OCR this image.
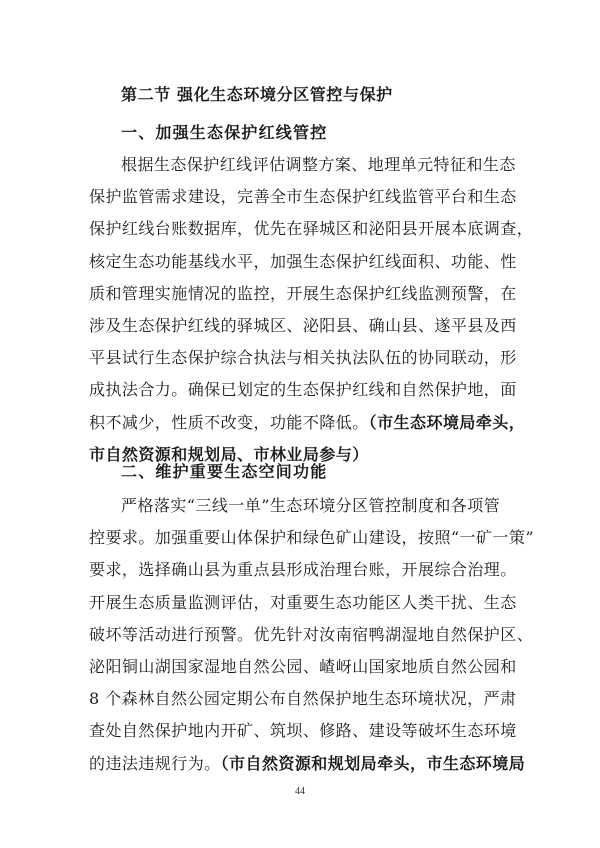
第二节 强化生态环境分区管控与保护
一、加强生态保护红线管控
根据生态保护红线评估调整方案、地理单元特征和生态
保护监管需求建设，完善全市生态保护红线监管平台和生态
保护红线台账数据库，优先在驿城区和泌阳县开展本底调查，
核定生态功能基线水平，加强生态保护红线面积、功能、性
质和管理实施情况的监控，开展生态保护红线监测预警，在
涉及生态保护红线的驿城区、泌阳县、确山县、遂平县及西
平县试行生态保护综合执法与相关执法队伍的协同联动，形
成执法合力。确保已划定的生态保护红线和自然保护地，面
积不减少，性质不改变，功能不降低。（市生态环境局牵头，
市自然资源和规划局、市林业局参与）
二、维护重要生态空间功能
严格落实“三线一单”生态环境分区管控制度和各项管
控要求。加强重要山体保护和绿色矿山建设，按照“一矿一策”
要求，选择确山县为重点县形成治理台账，开展综合治理。
开展生态质量监测评估，对重要生态功能区人类干扰、生态
破坏等活动进行预警。优先针对汝南宿鸭湖湿地自然保护区、
泌阳铜山湖国家湿地自然公园、嵖岈山国家地质自然公园和
8 个森林自然公园定期公布自然保护地生态环境状况，严肃
查处自然保护地内开矿、筑坝、修路、建设等破坏生态环境
的违法违规行为。（市自然资源和规划局牵头，市生态环境局
44
